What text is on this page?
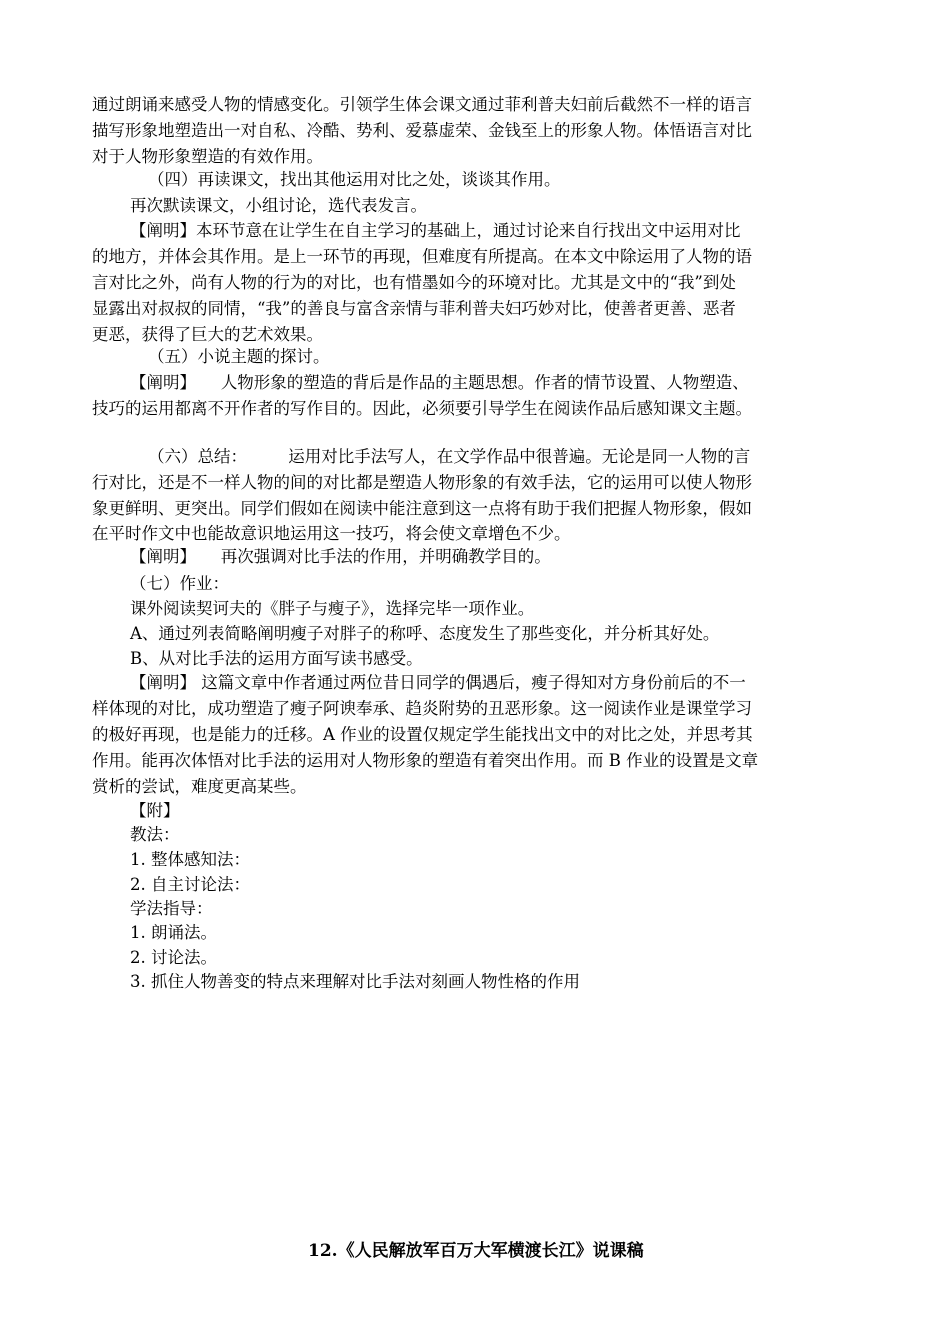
通过朗诵来感受人物的情感变化。引领学生体会课文通过菲利普夫妇前后截然不一样的语言
描写形象地塑造出一对自私、冷酷、势利、爱慕虚荣、金钱至上的形象人物。体悟语言对比
对于人物形象塑造的有效作用。
（四）再读课文，找出其他运用对比之处，谈谈其作用。
再次默读课文，小组讨论，选代表发言。
【阐明】本环节意在让学生在自主学习的基础上，通过讨论来自行找出文中运用对比
的地方，并体会其作用。是上一环节的再现，但难度有所提高。在本文中除运用了人物的语
言对比之外，尚有人物的行为的对比，也有惜墨如今的环境对比。尤其是文中的“我”到处
显露出对叔叔的同情，“我”的善良与富含亲情与菲利普夫妇巧妙对比，使善者更善、恶者
更恶，获得了巨大的艺术效果。
（五）小说主题的探讨。
【阐明】　　人物形象的塑造的背后是作品的主题思想。作者的情节设置、人物塑造、
技巧的运用都离不开作者的写作目的。因此，必须要引导学生在阅读作品后感知课文主题。
（六）总结：　　　运用对比手法写人，在文学作品中很普遍。无论是同一人物的言
行对比，还是不一样人物的间的对比都是塑造人物形象的有效手法，它的运用可以使人物形
象更鲜明、更突出。同学们假如在阅读中能注意到这一点将有助于我们把握人物形象，假如
在平时作文中也能故意识地运用这一技巧，将会使文章增色不少。
【阐明】　　再次强调对比手法的作用，并明确教学目的。
（七）作业：
课外阅读契诃夫的《胖子与瘦子》，选择完毕一项作业。
A、通过列表简略阐明瘦子对胖子的称呼、态度发生了那些变化，并分析其好处。
B、从对比手法的运用方面写读书感受。
【阐明】 这篇文章中作者通过两位昔日同学的偶遇后，瘦子得知对方身份前后的不一
样体现的对比，成功塑造了瘦子阿谀奉承、趋炎附势的丑恶形象。这一阅读作业是课堂学习
的极好再现，也是能力的迁移。A 作业的设置仅规定学生能找出文中的对比之处，并思考其
作用。能再次体悟对比手法的运用对人物形象的塑造有着突出作用。而 B 作业的设置是文章
赏析的尝试，难度更高某些。
【附】
教法：
1. 整体感知法：
2. 自主讨论法：
学法指导：
1. 朗诵法。
2. 讨论法。
3. 抓住人物善变的特点来理解对比手法对刻画人物性格的作用
12.《人民解放军百万大军横渡长江》说课稿
